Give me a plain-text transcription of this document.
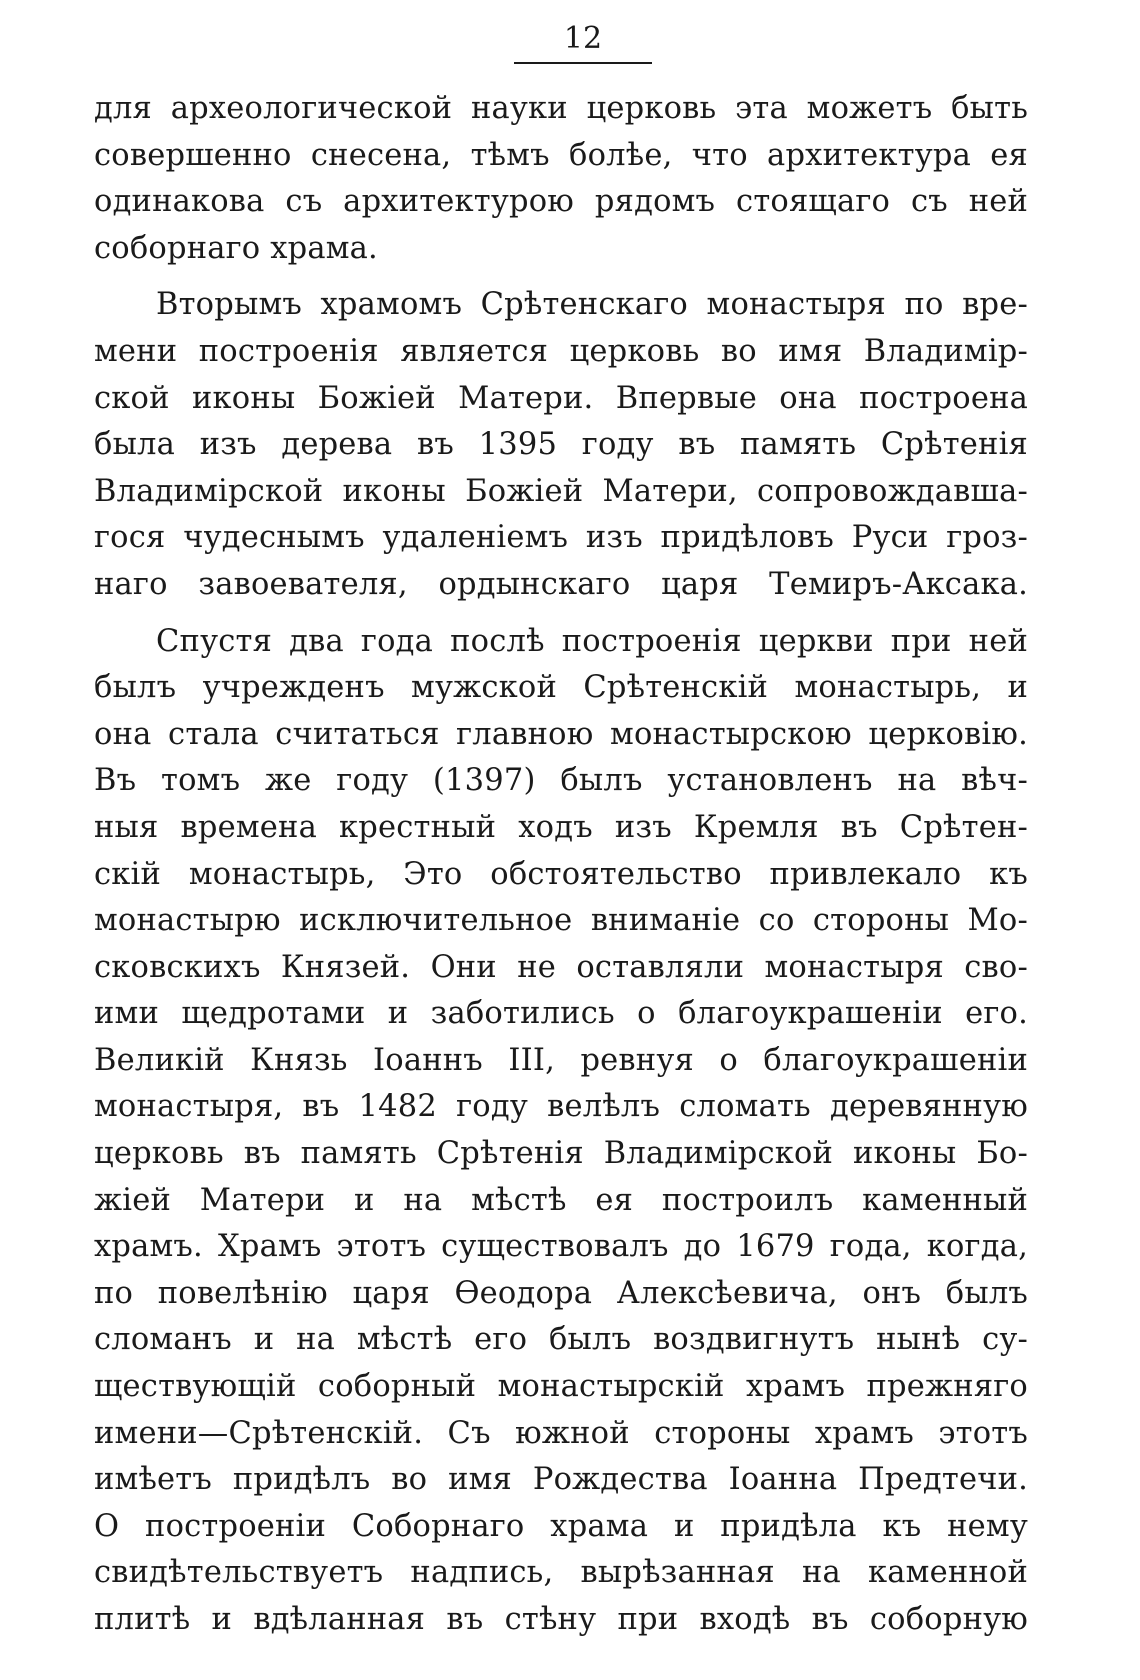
12
для археологической науки церковь эта можетъ быть
совершенно снесена, тѣмъ болѣе, что архитектура ея
одинакова съ архитектурою рядомъ стоящаго съ ней
соборнаго храма.
Вторымъ храмомъ Срѣтенскаго монастыря по вре-
мени построенія является церковь во имя Владимір-
ской иконы Божіей Матери. Впервые она построена
была изъ дерева въ 1395 году въ память Срѣтенія
Владимірской иконы Божіей Матери, сопровождавша-
гося чудеснымъ удаленіемъ изъ придѣловъ Руси гроз-
наго завоевателя, ордынскаго царя Темиръ-Аксака.
Спустя два года послѣ построенія церкви при ней
былъ учрежденъ мужской Срѣтенскій монастырь, и
она стала считаться главною монастырскою церковію.
Въ томъ же году (1397) былъ установленъ на вѣч-
ныя времена крестный ходъ изъ Кремля въ Срѣтен-
скій монастырь, Это обстоятельство привлекало къ
монастырю исключительное вниманіе со стороны Мо-
сковскихъ Князей. Они не оставляли монастыря сво-
ими щедротами и заботились о благоукрашеніи его.
Великій Князь Іоаннъ III, ревнуя о благоукрашеніи
монастыря, въ 1482 году велѣлъ сломать деревянную
церковь въ память Срѣтенія Владимірской иконы Бо-
жіей Матери и на мѣстѣ ея построилъ каменный
храмъ. Храмъ этотъ существовалъ до 1679 года, когда,
по повелѣнію царя Ѳеодора Алексѣевича, онъ былъ
сломанъ и на мѣстѣ его былъ воздвигнутъ нынѣ су-
ществующій соборный монастырскій храмъ прежняго
имени—Срѣтенскій. Съ южной стороны храмъ этотъ
имѣетъ придѣлъ во имя Рождества Іоанна Предтечи.
О построеніи Соборнаго храма и придѣла къ нему
свидѣтельствуетъ надпись, вырѣзанная на каменной
плитѣ и вдѣланная въ стѣну при входѣ въ соборную
